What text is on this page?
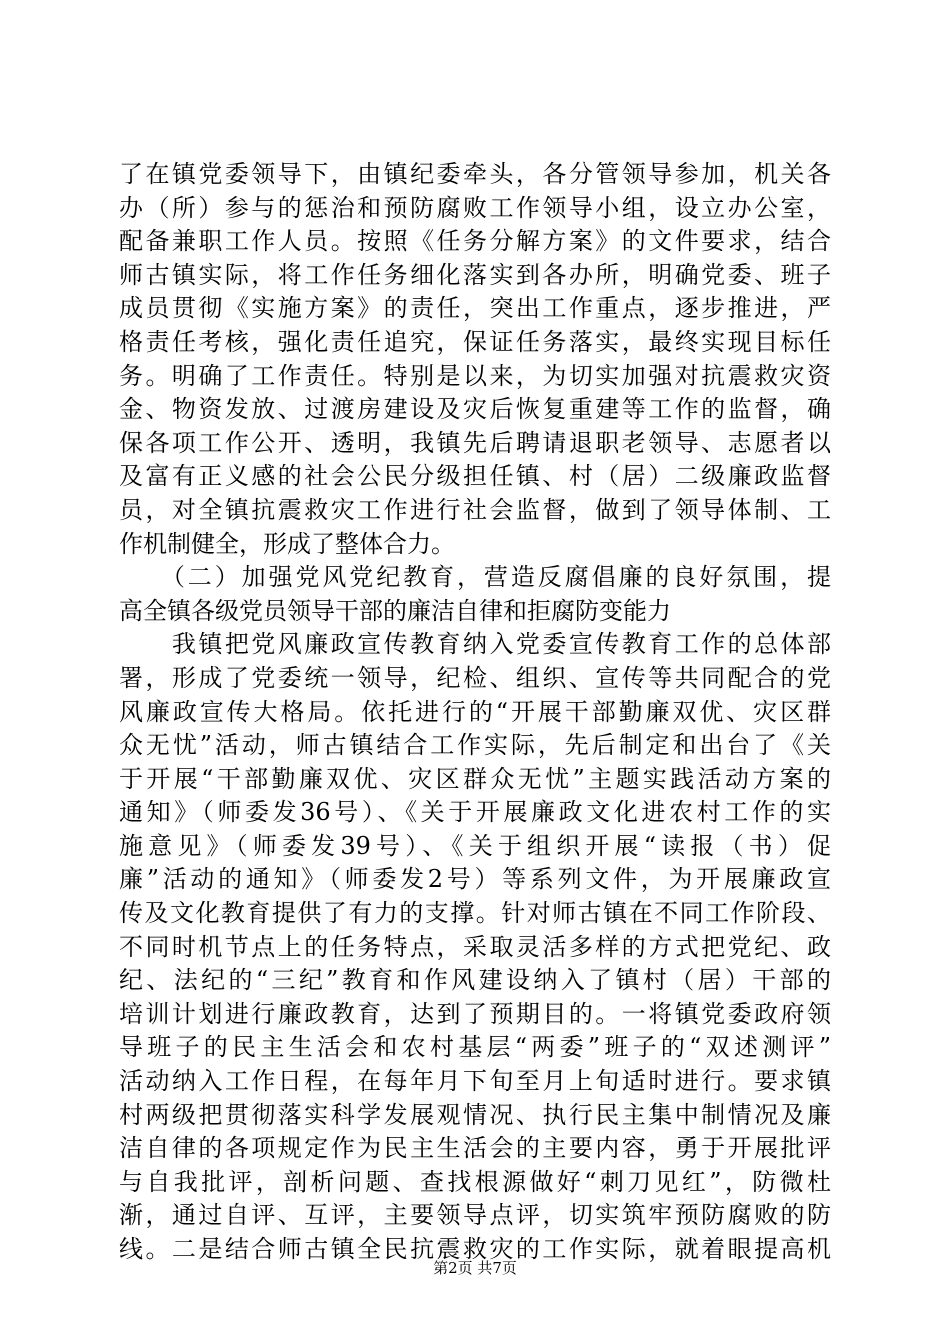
了在镇党委领导下，由镇纪委牵头，各分管领导参加，机关各
办（所）参与的惩治和预防腐败工作领导小组，设立办公室，
配备兼职工作人员。按照《任务分解方案》的文件要求，结合
师古镇实际，将工作任务细化落实到各办所，明确党委、班子
成员贯彻《实施方案》的责任，突出工作重点，逐步推进，严
格责任考核，强化责任追究，保证任务落实，最终实现目标任
务。明确了工作责任。特别是以来，为切实加强对抗震救灾资
金、物资发放、过渡房建设及灾后恢复重建等工作的监督，确
保各项工作公开、透明，我镇先后聘请退职老领导、志愿者以
及富有正义感的社会公民分级担任镇、村（居）二级廉政监督
员，对全镇抗震救灾工作进行社会监督，做到了领导体制、工
作机制健全，形成了整体合力。
　　（二）加强党风党纪教育，营造反腐倡廉的良好氛围，提
高全镇各级党员领导干部的廉洁自律和拒腐防变能力
　　我镇把党风廉政宣传教育纳入党委宣传教育工作的总体部
署，形成了党委统一领导，纪检、组织、宣传等共同配合的党
风廉政宣传大格局。依托进行的“开展干部勤廉双优、灾区群
众无忧”活动，师古镇结合工作实际，先后制定和出台了《关
于开展“干部勤廉双优、灾区群众无忧”主题实践活动方案的
通知》（师委发36号）、《关于开展廉政文化进农村工作的实
施意见》（师委发39号）、《关于组织开展“读报（书）促
廉”活动的通知》（师委发2号）等系列文件，为开展廉政宣
传及文化教育提供了有力的支撑。针对师古镇在不同工作阶段、
不同时机节点上的任务特点，采取灵活多样的方式把党纪、政
纪、法纪的“三纪”教育和作风建设纳入了镇村（居）干部的
培训计划进行廉政教育，达到了预期目的。一将镇党委政府领
导班子的民主生活会和农村基层“两委”班子的“双述测评”
活动纳入工作日程，在每年月下旬至月上旬适时进行。要求镇
村两级把贯彻落实科学发展观情况、执行民主集中制情况及廉
洁自律的各项规定作为民主生活会的主要内容，勇于开展批评
与自我批评，剖析问题、查找根源做好“刺刀见红”，防微杜
渐，通过自评、互评，主要领导点评，切实筑牢预防腐败的防
线。二是结合师古镇全民抗震救灾的工作实际，就着眼提高机
第2页 共7页
